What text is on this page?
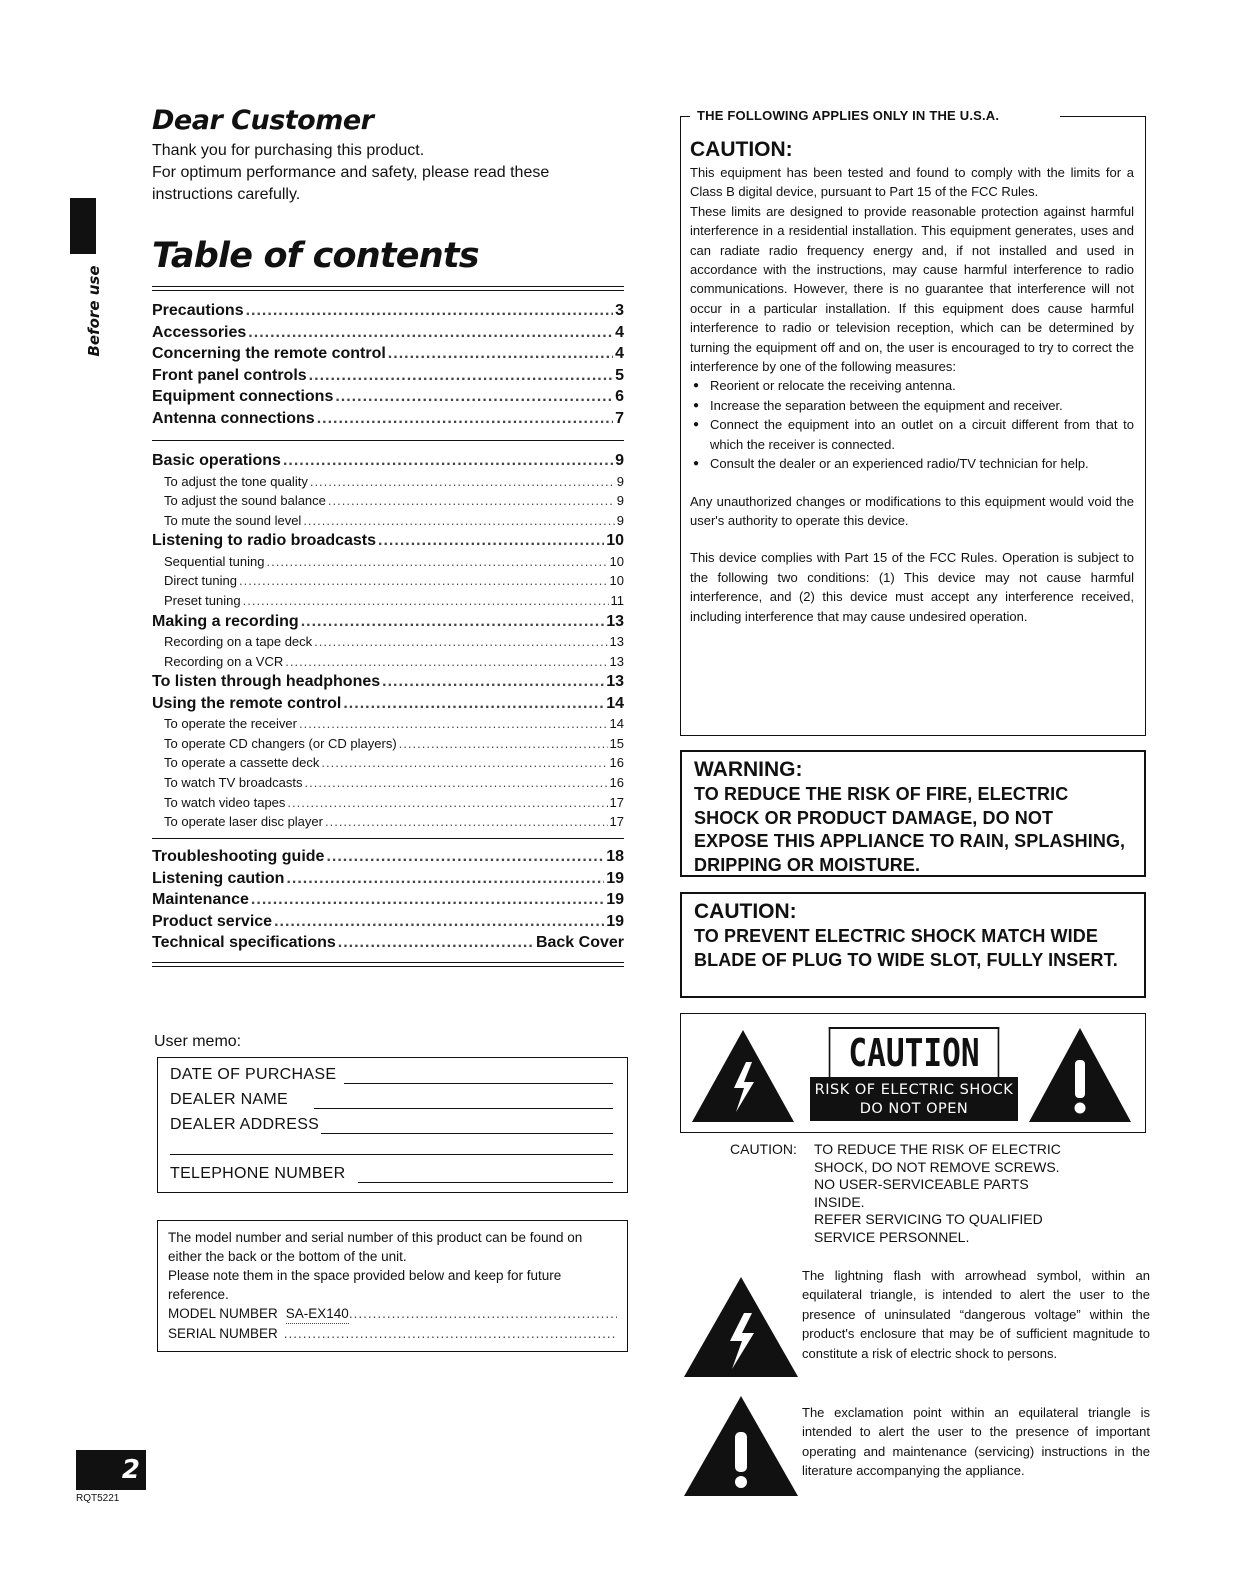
Before use
Dear Customer
Thank you for purchasing this product.
For optimum performance and safety, please read these
instructions carefully.
Table of contents
Precautions .....	3
Accessories .....	4
Concerning the remote control .....	4
Front panel controls .....	5
Equipment connections .....	6
Antenna connections .....	7
Basic operations .....	9
To adjust the tone quality .....	9
To adjust the sound balance .....	9
To mute the sound level .....	9
Listening to radio broadcasts .....	10
Sequential tuning .....	10
Direct tuning .....	10
Preset tuning .....	11
Making a recording .....	13
Recording on a tape deck .....	13
Recording on a VCR .....	13
To listen through headphones .....	13
Using the remote control .....	14
To operate the receiver .....	14
To operate CD changers (or CD players) .....	15
To operate a cassette deck .....	16
To watch TV broadcasts .....	16
To watch video tapes .....	17
To operate laser disc player .....	17
Troubleshooting guide .....	18
Listening caution .....	19
Maintenance .....	19
Product service .....	19
Technical specifications .....	Back Cover
User memo:
DATE OF PURCHASE
DEALER NAME
DEALER ADDRESS
TELEPHONE NUMBER
The model number and serial number of this product can be found on either the back or the bottom of the unit.
Please note them in the space provided below and keep for future reference.
MODEL NUMBER SA-EX140
.....
SERIAL NUMBER
.....
2
RQT5221
THE FOLLOWING APPLIES ONLY IN THE U.S.A.
CAUTION:
This equipment has been tested and found to comply with the limits for a Class B digital device, pursuant to Part 15 of the FCC Rules.
These limits are designed to provide reasonable protection against harmful interference in a residential installation. This equipment generates, uses and can radiate radio frequency energy and, if not installed and used in accordance with the instructions, may cause harmful interference to radio communications. However, there is no guarantee that interference will not occur in a particular installation. If this equipment does cause harmful interference to radio or television reception, which can be determined by turning the equipment off and on, the user is encouraged to try to correct the interference by one of the following measures:
● Reorient or relocate the receiving antenna.
● Increase the separation between the equipment and receiver.
● Connect the equipment into an outlet on a circuit different from that to which the receiver is connected.
● Consult the dealer or an experienced radio/TV technician for help.
Any unauthorized changes or modifications to this equipment would void the user's authority to operate this device.
This device complies with Part 15 of the FCC Rules. Operation is subject to the following two conditions: (1) This device may not cause harmful interference, and (2) this device must accept any interference received, including interference that may cause undesired operation.
WARNING:
TO REDUCE THE RISK OF FIRE, ELECTRIC SHOCK OR PRODUCT DAMAGE, DO NOT EXPOSE THIS APPLIANCE TO RAIN, SPLASHING, DRIPPING OR MOISTURE.
CAUTION:
TO PREVENT ELECTRIC SHOCK MATCH WIDE BLADE OF PLUG TO WIDE SLOT, FULLY INSERT.
CAUTION
RISK OF ELECTRIC SHOCK
DO NOT OPEN
CAUTION:	TO REDUCE THE RISK OF ELECTRIC
SHOCK, DO NOT REMOVE SCREWS.
NO USER-SERVICEABLE PARTS
INSIDE.
REFER SERVICING TO QUALIFIED
SERVICE PERSONNEL.
The lightning flash with arrowhead symbol, within an equilateral triangle, is intended to alert the user to the presence of uninsulated “dangerous voltage” within the product's enclosure that may be of sufficient magnitude to constitute a risk of electric shock to persons.
The exclamation point within an equilateral triangle is intended to alert the user to the presence of important operating and maintenance (servicing) instructions in the literature accompanying the appliance.
